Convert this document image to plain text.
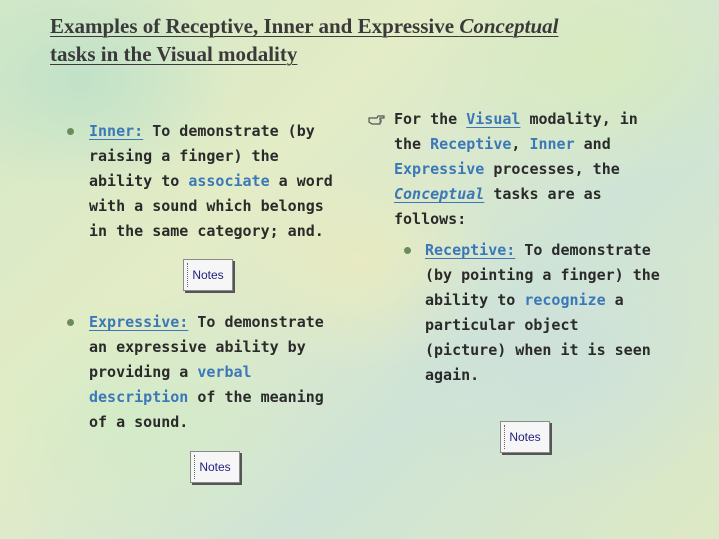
Examples of Receptive, Inner and Expressive Conceptual
tasks in the Visual modality
Inner: To demonstrate (by raising a finger) the ability to associate a word with a sound which belongs in the same category; and.
Notes
Expressive: To demonstrate an expressive ability by providing a verbal description of the meaning of a sound.
Notes
For the Visual modality, in the Receptive, Inner and Expressive processes, the Conceptual tasks are as follows:
Receptive: To demonstrate (by pointing a finger) the ability to recognize a particular object (picture) when it is seen again.
Notes
